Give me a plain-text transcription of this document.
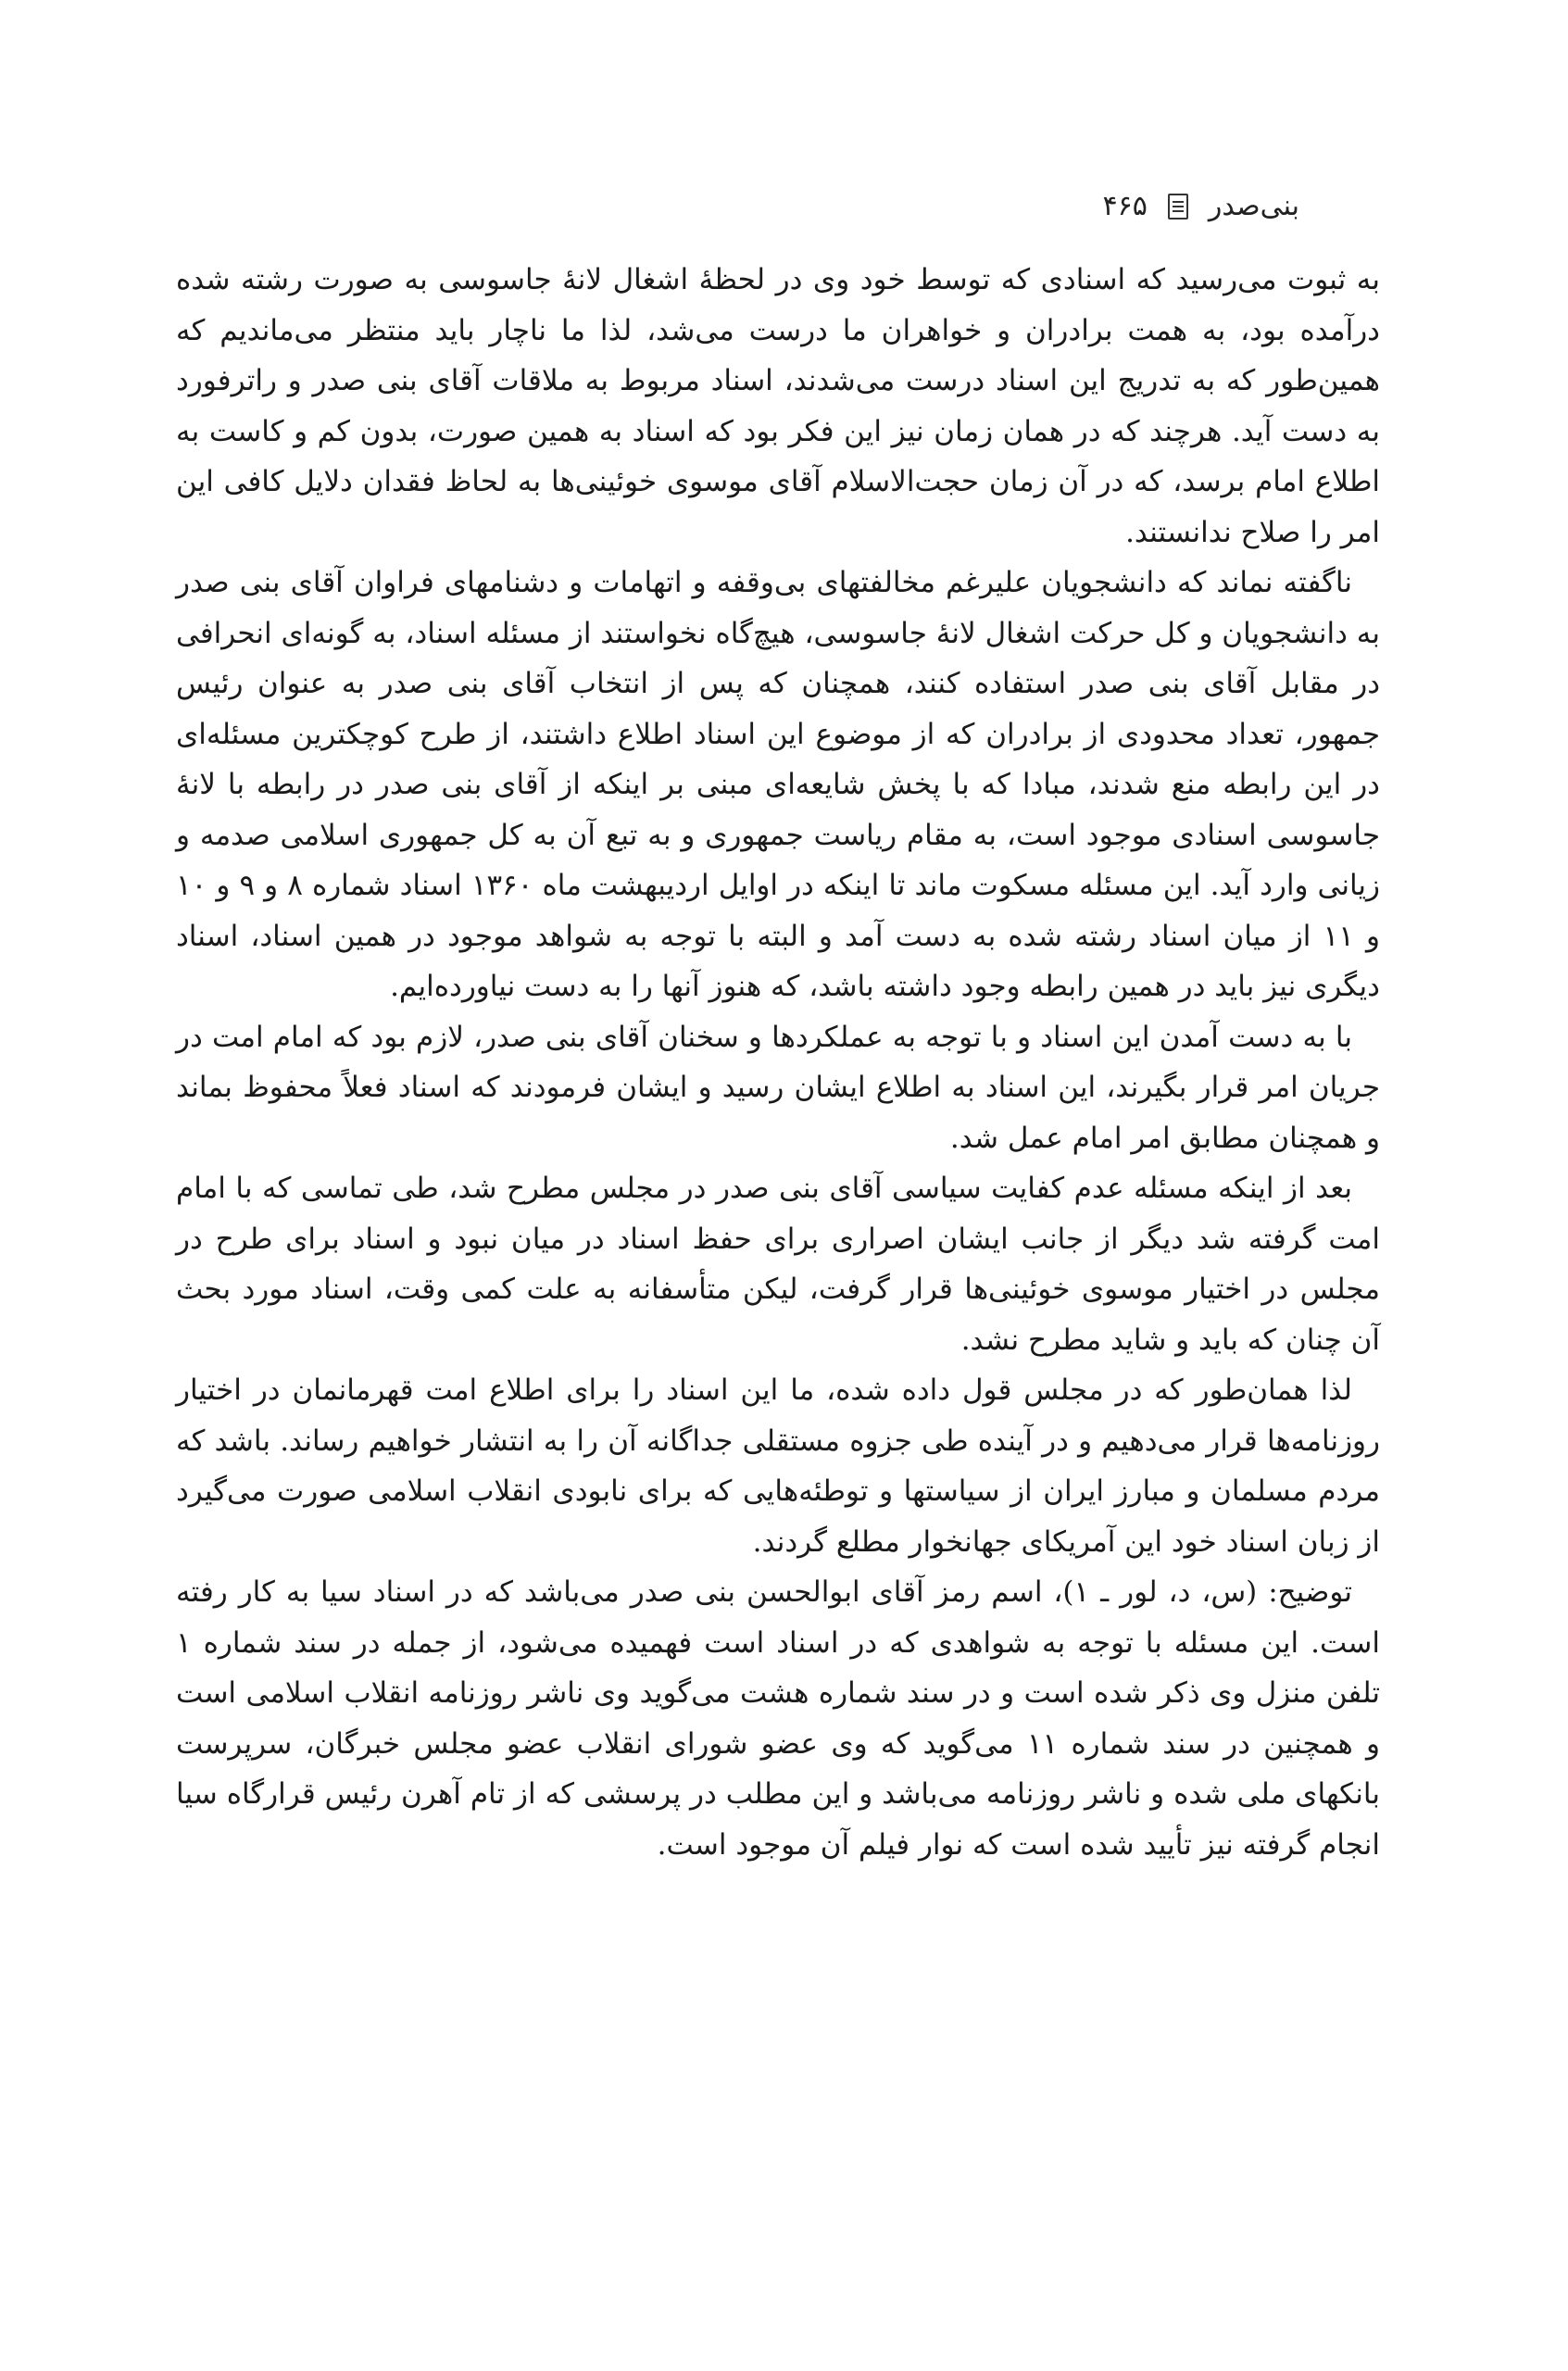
بنی‌صدر
۴۶۵

به ثبوت می‌رسید که اسنادی که توسط خود وی در لحظهٔ اشغال لانهٔ جاسوسی به صورت رشته شده درآمده بود، به همت برادران و خواهران ما درست می‌شد، لذا ما ناچار باید منتظر می‌ماندیم که همین‌طور که به تدریج این اسناد درست می‌شدند، اسناد مربوط به ملاقات آقای بنی صدر و راترفورد به دست آید. هرچند که در همان زمان نیز این فکر بود که اسناد به همین صورت، بدون کم و کاست به اطلاع امام برسد، که در آن زمان حجت‌الاسلام آقای موسوی خوئینی‌ها به لحاظ فقدان دلایل کافی این امر را صلاح ندانستند.

ناگفته نماند که دانشجویان علیرغم مخالفتهای بی‌وقفه و اتهامات و دشنامهای فراوان آقای بنی صدر به دانشجویان و کل حرکت اشغال لانهٔ جاسوسی، هیچ‌گاه نخواستند از مسئله اسناد، به گونه‌ای انحرافی در مقابل آقای بنی صدر استفاده کنند، همچنان که پس از انتخاب آقای بنی صدر به عنوان رئیس جمهور، تعداد محدودی از برادران که از موضوع این اسناد اطلاع داشتند، از طرح کوچکترین مسئله‌ای در این رابطه منع شدند، مبادا که با پخش شایعه‌ای مبنی بر اینکه از آقای بنی صدر در رابطه با لانهٔ جاسوسی اسنادی موجود است، به مقام ریاست جمهوری و به تبع آن به کل جمهوری اسلامی صدمه و زیانی وارد آید. این مسئله مسکوت ماند تا اینکه در اوایل اردیبهشت ماه ۱۳۶۰ اسناد شماره ۸ و ۹ و ۱۰ و ۱۱ از میان اسناد رشته شده به دست آمد و البته با توجه به شواهد موجود در همین اسناد، اسناد دیگری نیز باید در همین رابطه وجود داشته باشد، که هنوز آنها را به دست نیاورده‌ایم.

با به دست آمدن این اسناد و با توجه به عملکردها و سخنان آقای بنی صدر، لازم بود که امام امت در جریان امر قرار بگیرند، این اسناد به اطلاع ایشان رسید و ایشان فرمودند که اسناد فعلاً محفوظ بماند و همچنان مطابق امر امام عمل شد.

بعد از اینکه مسئله عدم کفایت سیاسی آقای بنی صدر در مجلس مطرح شد، طی تماسی که با امام امت گرفته شد دیگر از جانب ایشان اصراری برای حفظ اسناد در میان نبود و اسناد برای طرح در مجلس در اختیار موسوی خوئینی‌ها قرار گرفت، لیکن متأسفانه به علت کمی وقت، اسناد مورد بحث آن چنان که باید و شاید مطرح نشد.

لذا همان‌طور که در مجلس قول داده شده، ما این اسناد را برای اطلاع امت قهرمانمان در اختیار روزنامه‌ها قرار می‌دهیم و در آینده طی جزوه مستقلی جداگانه آن را به انتشار خواهیم رساند. باشد که مردم مسلمان و مبارز ایران از سیاستها و توطئه‌هایی که برای نابودی انقلاب اسلامی صورت می‌گیرد از زبان اسناد خود این آمریکای جهانخوار مطلع گردند.

توضیح: (س، د، لور ـ ۱)، اسم رمز آقای ابوالحسن بنی صدر می‌باشد که در اسناد سیا به کار رفته است. این مسئله با توجه به شواهدی که در اسناد است فهمیده می‌شود، از جمله در سند شماره ۱ تلفن منزل وی ذکر شده است و در سند شماره هشت می‌گوید وی ناشر روزنامه انقلاب اسلامی است و همچنین در سند شماره ۱۱ می‌گوید که وی عضو شورای انقلاب عضو مجلس خبرگان، سرپرست بانکهای ملی شده و ناشر روزنامه می‌باشد و این مطلب در پرسشی که از تام آهرن رئیس قرارگاه سیا انجام گرفته نیز تأیید شده است که نوار فیلم آن موجود است.
